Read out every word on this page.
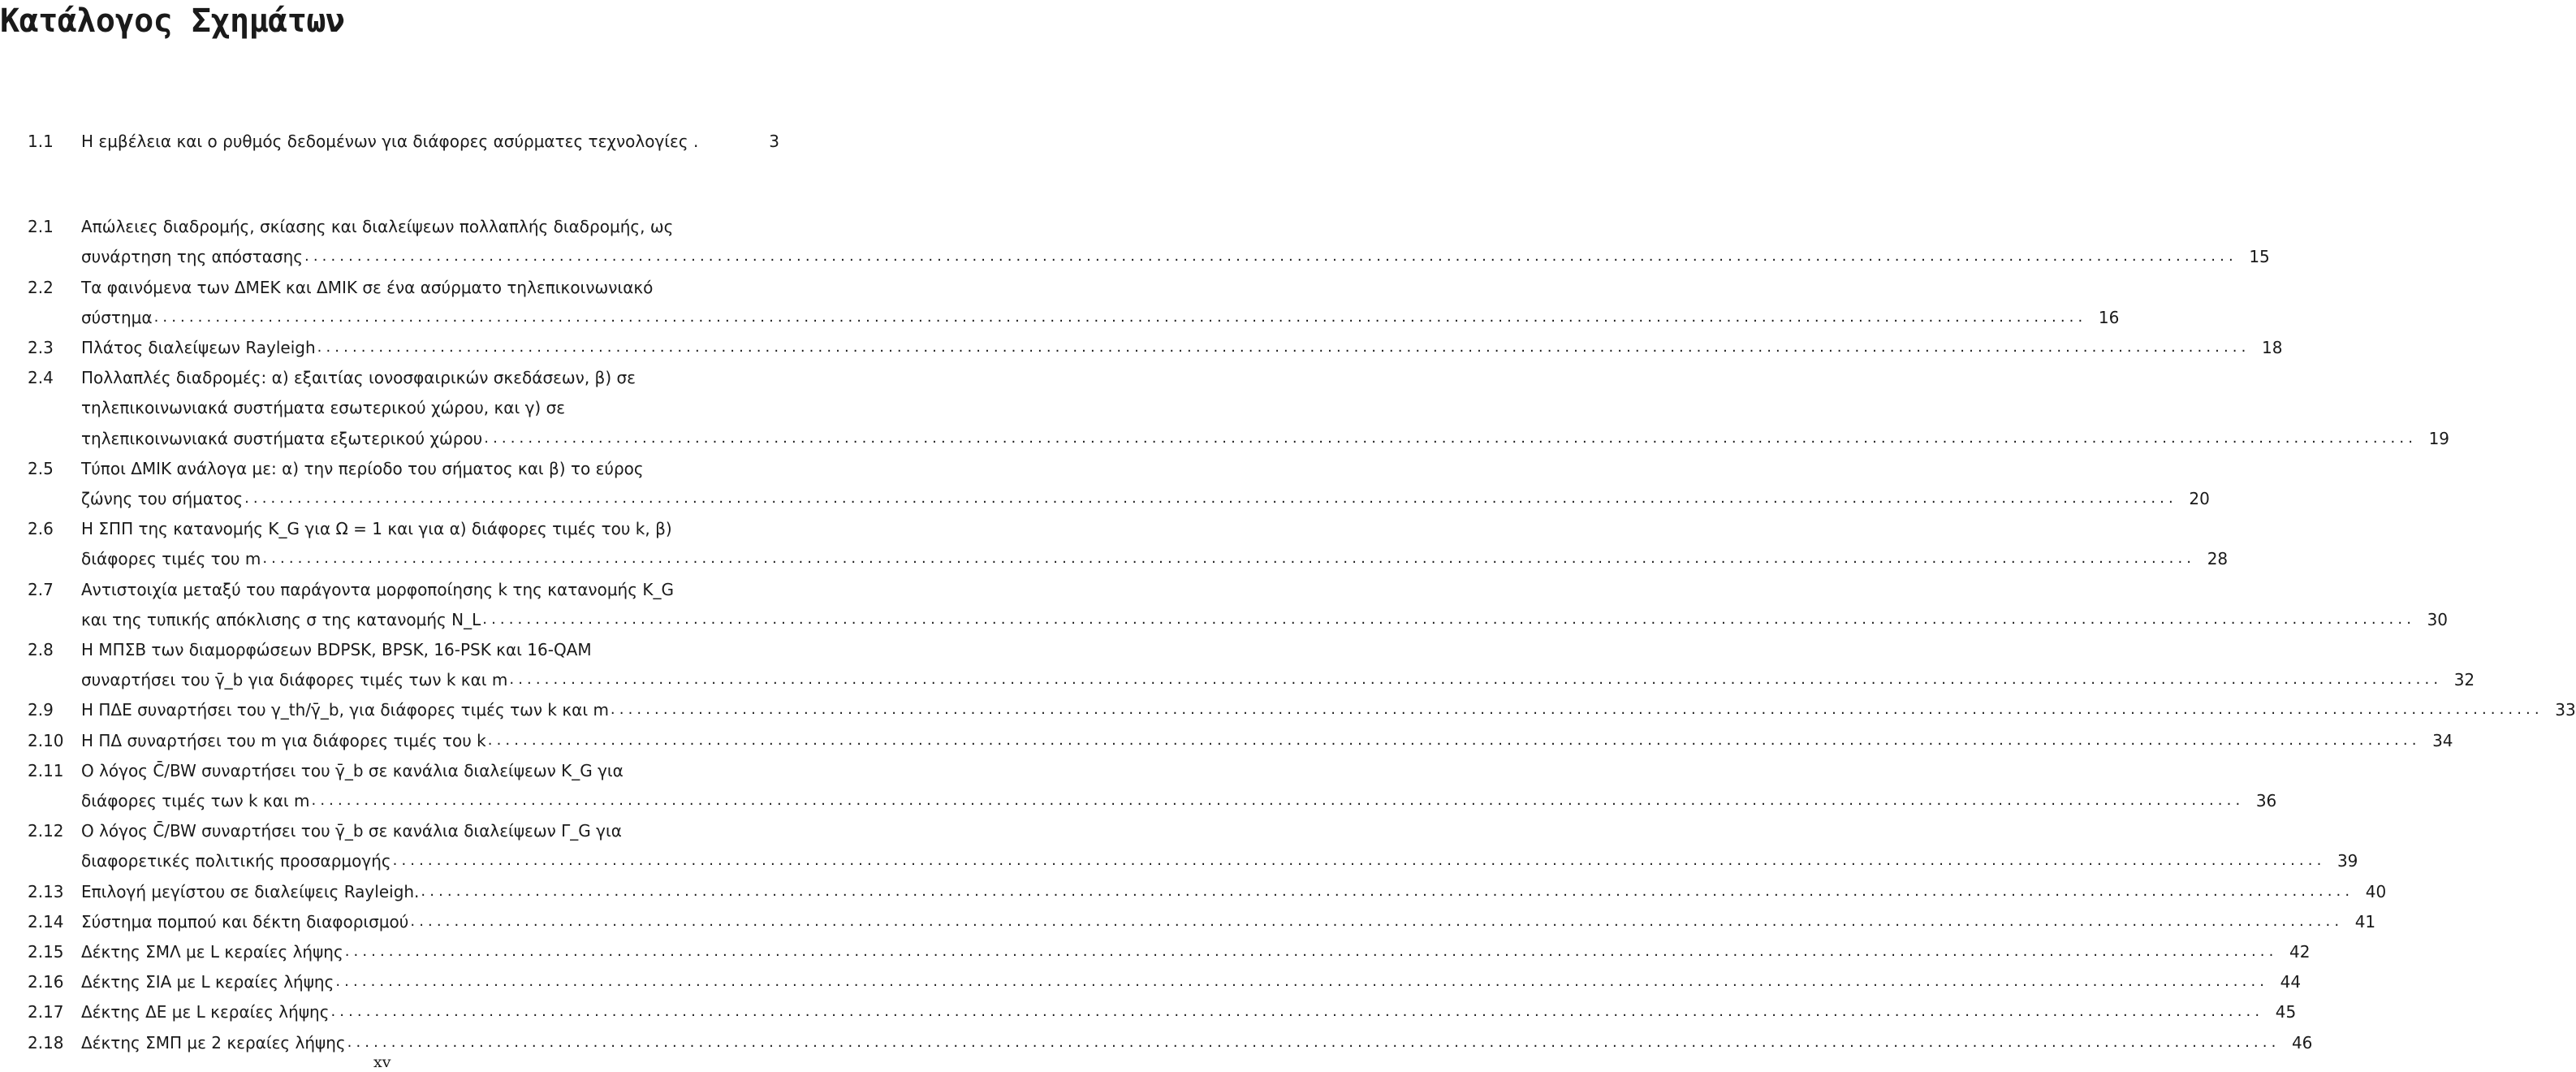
Κατάλογος Σχημάτων
1.1	Η εμβέλεια και ο ρυθμός δεδομένων για διάφορες ασύρματες τεχνολογίες .	3
2.1	Απώλειες διαδρομής, σκίασης και διαλείψεων πολλαπλής διαδρομής, ως
συνάρτηση της απόστασης ............................................................................................................................................................................................................................ 15
2.2	Τα φαινόμενα των ΔΜΕΚ και ΔΜΙΚ σε ένα ασύρματο τηλεπικοινωνιακό
σύστημα ............................................................................................................................................................................................................................ 16
2.3	Πλάτος διαλείψεων Rayleigh ............................................................................................................................................................................................................................ 18
2.4	Πολλαπλές διαδρομές: α) εξαιτίας ιονοσφαιρικών σκεδάσεων, β) σε
τηλεπικοινωνιακά συστήματα εσωτερικού χώρου, και γ) σε
τηλεπικοινωνιακά συστήματα εξωτερικού χώρου ............................................................................................................................................................................................................................ 19
2.5	Τύποι ΔΜΙΚ ανάλογα με: α) την περίοδο του σήματος και β) το εύρος
ζώνης του σήματος ............................................................................................................................................................................................................................ 20
2.6	Η ΣΠΠ της κατανομής K_G για Ω = 1 και για α) διάφορες τιμές του k, β)
διάφορες τιμές του m ............................................................................................................................................................................................................................ 28
2.7	Αντιστοιχία μεταξύ του παράγοντα μορφοποίησης k της κατανομής K_G
και της τυπικής απόκλισης σ της κατανομής N_L ............................................................................................................................................................................................................................ 30
2.8	Η ΜΠΣΒ των διαμορφώσεων BDPSK, BPSK, 16-PSK και 16-QAM
συναρτήσει του γ̄_b για διάφορες τιμές των k και m ............................................................................................................................................................................................................................ 32
2.9	Η ΠΔΕ συναρτήσει του γ_th/γ̄_b, για διάφορες τιμές των k και m ............................................................................................................................................................................................................................ 33
2.10	Η ΠΔ συναρτήσει του m για διάφορες τιμές του k ............................................................................................................................................................................................................................ 34
2.11	Ο λόγος C̄/BW συναρτήσει του γ̄_b σε κανάλια διαλείψεων K_G για
διάφορες τιμές των k και m ............................................................................................................................................................................................................................ 36
2.12	Ο λόγος C̄/BW συναρτήσει του γ̄_b σε κανάλια διαλείψεων Γ_G για
διαφορετικές πολιτικής προσαρμογής ............................................................................................................................................................................................................................ 39
2.13	Επιλογή μεγίστου σε διαλείψεις Rayleigh. ............................................................................................................................................................................................................................ 40
2.14	Σύστημα πομπού και δέκτη διαφορισμού ............................................................................................................................................................................................................................ 41
2.15	Δέκτης ΣΜΛ με L κεραίες λήψης ............................................................................................................................................................................................................................ 42
2.16	Δέκτης ΣΙΑ με L κεραίες λήψης ............................................................................................................................................................................................................................ 44
2.17	Δέκτης ΔΕ με L κεραίες λήψης ............................................................................................................................................................................................................................ 45
2.18	Δέκτης ΣΜΠ με 2 κεραίες λήψης ............................................................................................................................................................................................................................ 46
xv
